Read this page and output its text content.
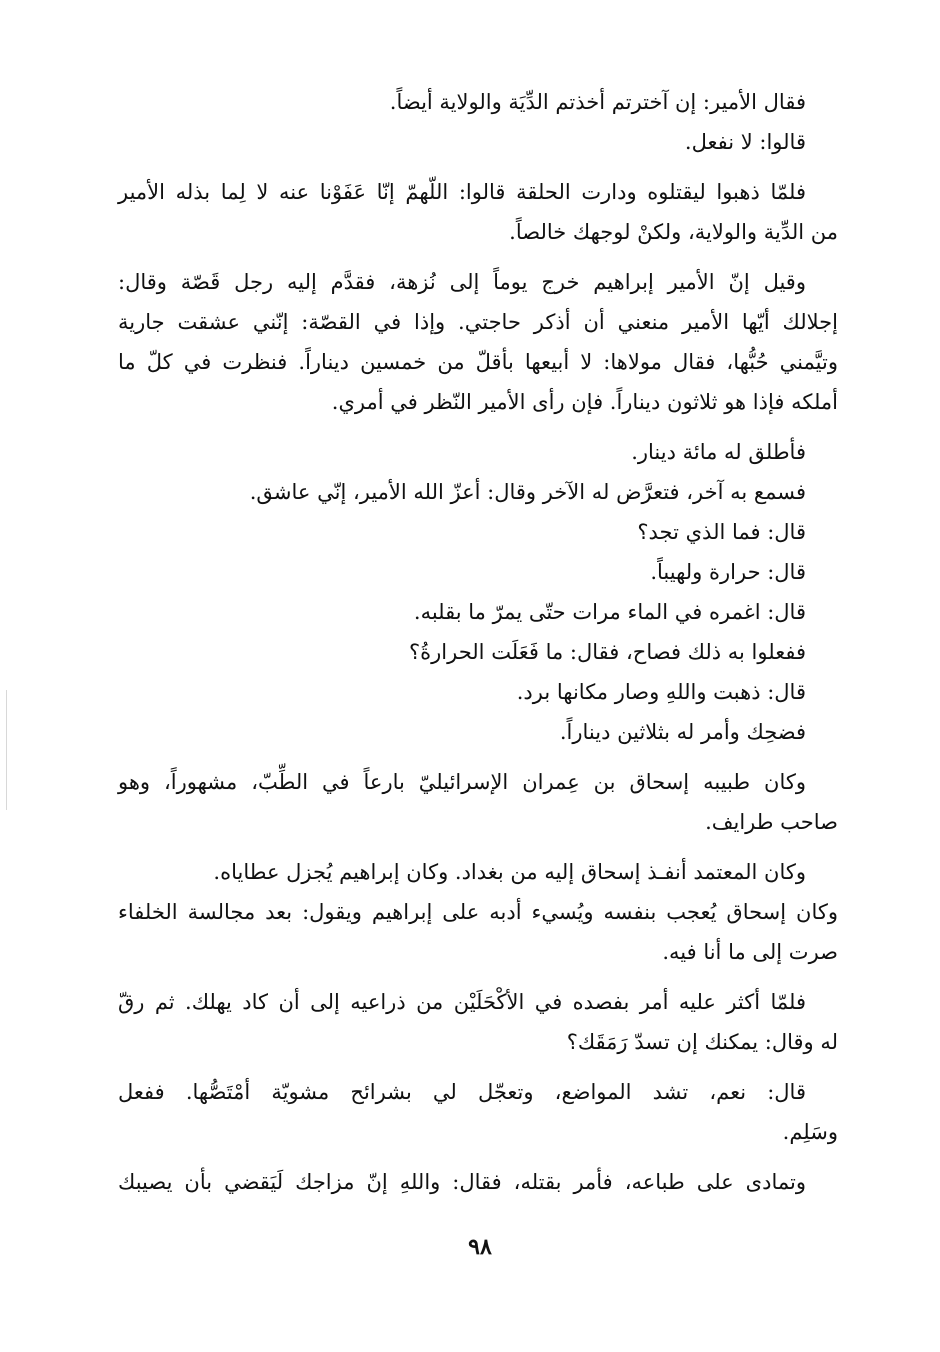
فقال الأمير: إن آخترتم أخذتم الدِّيَة والولاية أيضاً.
قالوا: لا نفعل.
فلمّا ذهبوا ليقتلوه ودارت الحلقة قالوا: اللّهمّ إنّا عَفَوْنا عنه لا لِما بذله الأمير
من الدِّية والولاية، ولكنْ لوجهك خالصاً.
وقيل إنّ الأمير إبراهيم خرج يوماً إلى نُزهة، فقدَّم إليه رجل قَصّة وقال:
إجلالك أيّها الأمير منعني أن أذكر حاجتي. وإذا في القصّة: إنّني عشقت جارية
وتيَّمني حُبُّها، فقال مولاها: لا أبيعها بأقلّ من خمسين ديناراً. فنظرت في كلّ ما
أملكه فإذا هو ثلاثون ديناراً. فإن رأى الأمير النّظر في أمري.
فأطلق له مائة دينار.
فسمع به آخر، فتعرَّض له الآخر وقال: أعزّ الله الأمير، إنّي عاشق.
قال: فما الذي تجد؟
قال: حرارة ولهيباً.
قال: اغمره في الماء مرات حتّى يمرّ ما بقلبه.
ففعلوا به ذلك فصاح، فقال: ما فَعَلَت الحرارةُ؟
قال: ذهبت واللهِ وصار مكانها برد.
فضحِك وأمر له بثلاثين ديناراً.
وكان طبيبه إسحاق بن عِمران الإسرائيليّ بارعاً في الطِّبّ، مشهوراً، وهو
صاحب طرايف.
وكان المعتمد أنفـذ إسحاق إليه من بغداد. وكان إبراهيم يُجزل عطاياه.
وكان إسحاق يُعجب بنفسه ويُسيء أدبه على إبراهيم ويقول: بعد مجالسة الخلفاء
صرت إلى ما أنا فيه.
فلمّا أكثر عليه أمر بفصده في الأكْحَلَيْن من ذراعيه إلى أن كاد يهلك. ثم رقّ
له وقال: يمكنك إن تسدّ رَمَقَك؟
قال: نعم، تشد المواضع، وتعجّل لي بشرائح مشويّة أمْتَصُّها. ففعل
وسَلِم.
وتمادى على طباعه، فأمر بقتله، فقال: واللهِ إنّ مزاجك لَيَقضي بأن يصيبك
٩٨
